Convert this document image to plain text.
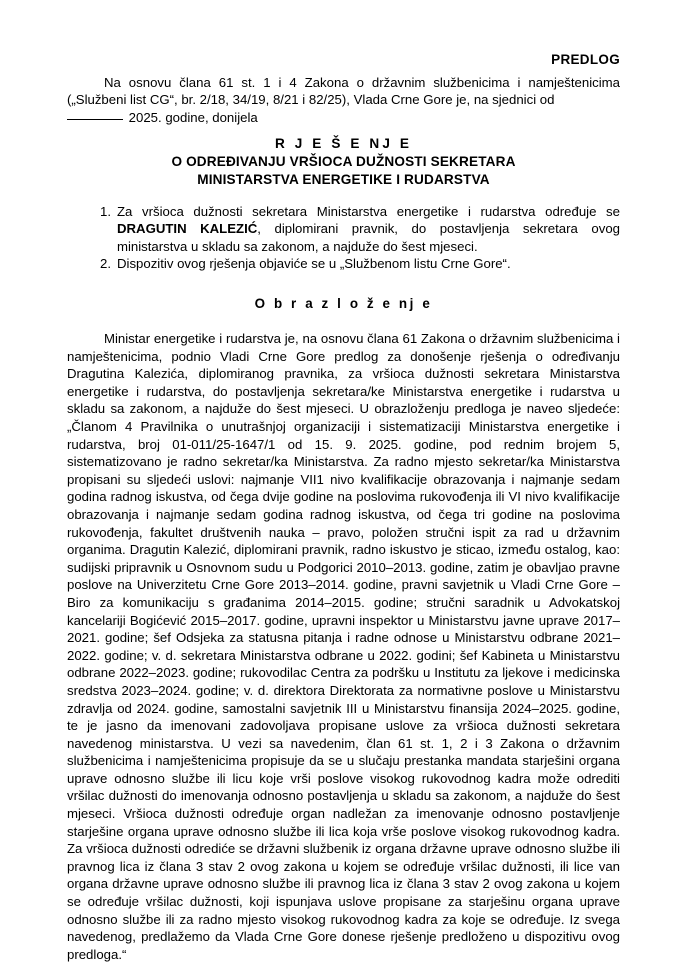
PREDLOG

Na osnovu člana 61 st. 1 i 4 Zakona o državnim službenicima i namještenicima („Službeni list CG“, br. 2/18, 34/19, 8/21 i 82/25), Vlada Crne Gore je, na sjednici od
2025. godine, donijela

R J E Š E NJ E

O ODREĐIVANJU VRŠIOCA DUŽNOSTI SEKRETARA

MINISTARSTVA ENERGETIKE I RUDARSTVA

Za vršioca dužnosti sekretara Ministarstva energetike i rudarstva određuje se DRAGUTIN KALEZIĆ, diplomirani pravnik, do postavljenja sekretara ovog ministarstva u skladu sa zakonom, a najduže do šest mjeseci.
Dispozitiv ovog rješenja objaviće se u „Službenom listu Crne Gore“.

O b r a z l o ž e nj e

Ministar energetike i rudarstva je, na osnovu člana 61 Zakona o državnim službenicima i namještenicima, podnio Vladi Crne Gore predlog za donošenje rješenja o određivanju Dragutina Kalezića, diplomiranog pravnika, za vršioca dužnosti sekretara Ministarstva energetike i rudarstva, do postavljenja sekretara/ke Ministarstva energetike i rudarstva u skladu sa zakonom, a najduže do šest mjeseci. U obrazloženju predloga je naveo sljedeće: „Članom 4 Pravilnika o unutrašnjoj organizaciji i sistematizaciji Ministarstva energetike i rudarstva, broj 01-011/25-1647/1 od 15. 9. 2025. godine, pod rednim brojem 5, sistematizovano je radno sekretar/ka Ministarstva. Za radno mjesto sekretar/ka Ministarstva propisani su sljedeći uslovi: najmanje VII1 nivo kvalifikacije obrazovanja i najmanje sedam godina radnog iskustva, od čega dvije godine na poslovima rukovođenja ili VI nivo kvalifikacije obrazovanja i najmanje sedam godina radnog iskustva, od čega tri godine na poslovima rukovođenja, fakultet društvenih nauka – pravo, položen stručni ispit za rad u državnim organima. Dragutin Kalezić, diplomirani pravnik, radno iskustvo je sticao, između ostalog, kao: sudijski pripravnik u Osnovnom sudu u Podgorici 2010–2013. godine, zatim je obavljao pravne poslove na Univerzitetu Crne Gore 2013–2014. godine, pravni savjetnik u Vladi Crne Gore – Biro za komunikaciju s građanima 2014–2015. godine; stručni saradnik u Advokatskoj kancelariji Bogićević 2015–2017. godine, upravni inspektor u Ministarstvu javne uprave 2017–2021. godine; šef Odsjeka za statusna pitanja i radne odnose u Ministarstvu odbrane 2021–2022. godine; v. d. sekretara Ministarstva odbrane u 2022. godini; šef Kabineta u Ministarstvu odbrane 2022–2023. godine; rukovodilac Centra za podršku u Institutu za ljekove i medicinska sredstva 2023–2024. godine; v. d. direktora Direktorata za normativne poslove u Ministarstvu zdravlja od 2024. godine, samostalni savjetnik III u Ministarstvu finansija 2024–2025. godine, te je jasno da imenovani zadovoljava propisane uslove za vršioca dužnosti sekretara navedenog ministarstva. U vezi sa navedenim, član 61 st. 1, 2 i 3 Zakona o državnim službenicima i namještenicima propisuje da se u slučaju prestanka mandata starješini organa uprave odnosno službe ili licu koje vrši poslove visokog rukovodnog kadra može odrediti vršilac dužnosti do imenovanja odnosno postavljenja u skladu sa zakonom, a najduže do šest mjeseci. Vršioca dužnosti određuje organ nadležan za imenovanje odnosno postavljenje starješine organa uprave odnosno službe ili lica koja vrše poslove visokog rukovodnog kadra. Za vršioca dužnosti odrediće se državni službenik iz organa državne uprave odnosno službe ili pravnog lica iz člana 3 stav 2 ovog zakona u kojem se određuje vršilac dužnosti, ili lice van organa državne uprave odnosno službe ili pravnog lica iz člana 3 stav 2 ovog zakona u kojem se određuje vršilac dužnosti, koji ispunjava uslove propisane za starješinu organa uprave odnosno službe ili za radno mjesto visokog rukovodnog kadra za koje se određuje. Iz svega navedenog, predlažemo da Vlada Crne Gore donese rješenje predloženo u dispozitivu ovog predloga.“
